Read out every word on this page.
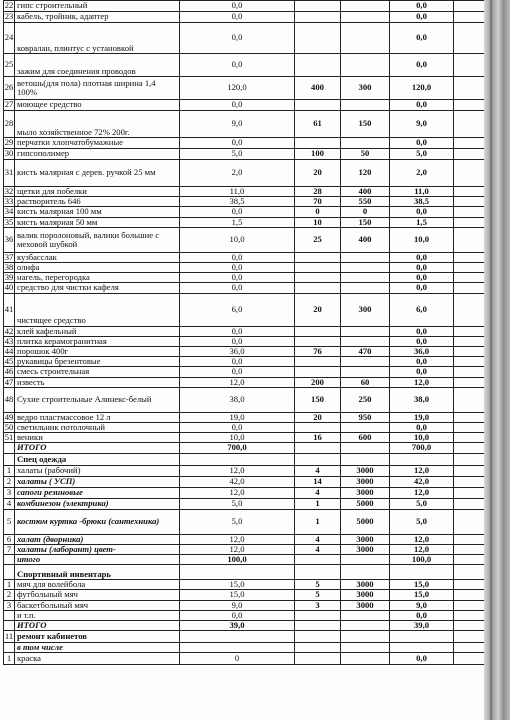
22	гипс строительный	0,0			0,0	
23	кабель, тройник, адаптер	0,0			0,0	
24	ковралан, плинтус с установкой	0,0			0,0	
25	зажим для соединения проводов	0,0			0,0	
26	ветошь(для пола) плотная ширина 1,4 100%	120,0	400	300	120,0	
27	моющее средство	0,0			0,0	
28	мыло хозяйственное 72% 200г.	9,0	61	150	9,0	
29	перчатки хлопчатобумажные	0,0			0,0	
30	гипсополимер	5,0	100	50	5,0	
31	кисть малярная с дерев. ручкой 25 мм	2,0	20	120	2,0	
32	щетки для побелки	11,0	28	400	11,0	
33	растворитель 646	38,5	70	550	38,5	
34	кисть малярная 100 мм	0,0	0	0	0,0	
35	кисть малярная 50 мм	1,5	10	150	1,5	
36	валик поролоновый, валики большие с меховой шубкой	10,0	25	400	10,0	
37	кузбасслак	0,0			0,0	
38	олифа	0,0			0,0	
39	нагель, перегородка	0,0			0,0	
40	средство для чистки кафеля	0,0			0,0	
41	чистящее средство	6,0	20	300	6,0	
42	клей кафельный	0,0			0,0	
43	плитка керамогранитная	0,0			0,0	
44	порошок 400г	36,0	76	470	36,0	
45	рукавицы брезентовые	0,0			0,0	
46	смесь строительная	0,0			0,0	
47	известь	12,0	200	60	12,0	
48	Сухие строительные Алинекс-белый	38,0	150	250	38,0	
49	ведро пластмассовое 12 л	19,0	20	950	19,0	
50	светильник потолочный	0,0			0,0	
51	веники	10,0	16	600	10,0	
	ИТОГО	700,0			700,0	
	Спец одежда					
1	халаты (рабочий)	12,0	4	3000	12,0	
2	халаты ( УСП)	42,0	14	3000	42,0	
3	сапоги резиновые	12,0	4	3000	12,0	
4	комбинезон (электрика)	5,0	1	5000	5,0	
5	костюм куртка -брюки (сантехника)	5,0	1	5000	5,0	
6	халат (дворника)	12,0	4	3000	12,0	
7	халаты (лаборант) цвет-	12,0	4	3000	12,0	
	итого	100,0			100,0	
	Спортивный инвентарь					
1	мяч для волейбола	15,0	5	3000	15,0	
2	футбольный мяч	15,0	5	3000	15,0	
3	баскетбольный мяч	9,0	3	3000	9,0	
	и т.п.	0,0			0,0	
	ИТОГО	39,0			39,0	
11	ремонт кабинетов					
	в том числе					
1	краска	0			0,0	
